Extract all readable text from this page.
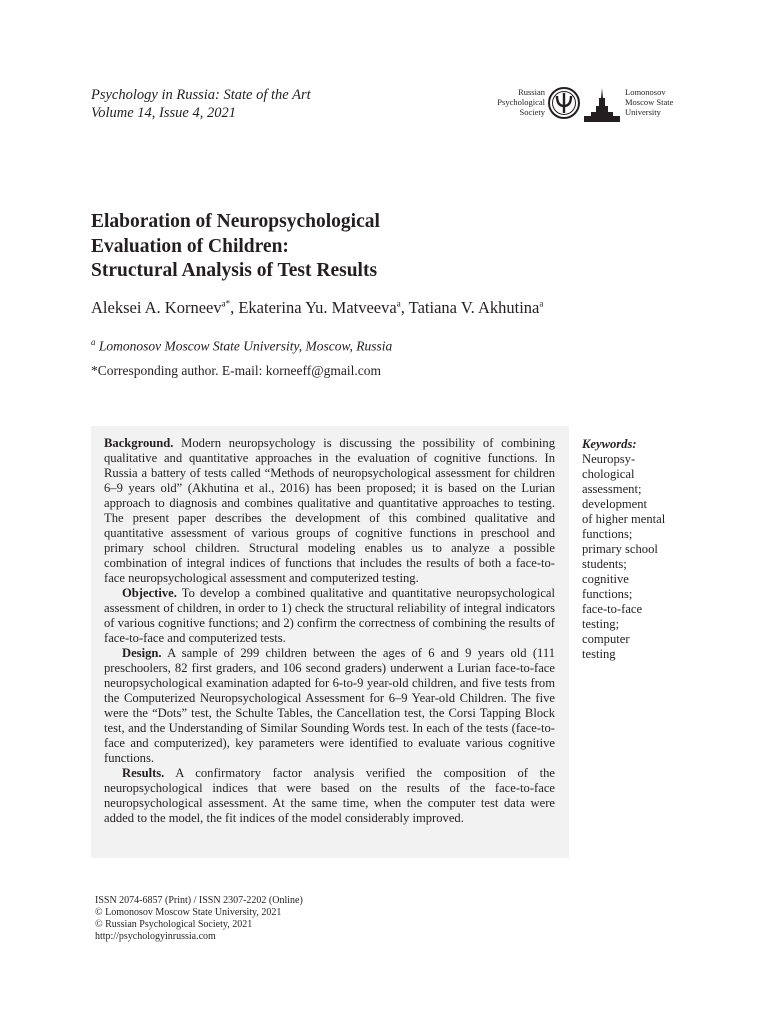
Psychology in Russia: State of the Art
Volume 14, Issue 4, 2021
Russian
Psychological
Society
Lomonosov
Moscow State
University
Elaboration of Neuropsychological
Evaluation of Children:
Structural Analysis of Test Results
Aleksei A. Korneev$^{a*}$, Ekaterina Yu. Matveeva$^a$, Tatiana V. Akhutina$^a$
$^a$ Lomonosov Moscow State University, Moscow, Russia
*Corresponding author. E-mail: korneeff@gmail.com

Background. Modern neuropsychology is discussing the possibility of combining qualitative and quantitative approaches in the evaluation of cognitive functions. In Russia a battery of tests called “Methods of neuropsychological assessment for children 6–9 years old” (Akhutina et al., 2016) has been proposed; it is based on the Lurian approach to diagnosis and combines qualitative and quantitative approaches to testing. The present paper describes the development of this combined qualitative and quantitative assessment of various groups of cognitive functions in preschool and primary school children. Structural modeling enables us to analyze a possible combination of integral indices of functions that includes the results of both a face-to-face neuropsychological assessment and computerized testing.

Objective. To develop a combined qualitative and quantitative neuropsychological assessment of children, in order to 1) check the structural reliability of integral indicators of various cognitive functions; and 2) confirm the correctness of combining the results of face-to-face and computerized tests.

Design. A sample of 299 children between the ages of 6 and 9 years old (111 preschoolers, 82 first graders, and 106 second graders) underwent a Lurian face-to-face neuropsychological examination adapted for 6-to-9 year-old children, and five tests from the Computerized Neuropsychological Assessment for 6–9 Year-old Children. The five were the “Dots” test, the Schulte Tables, the Cancellation test, the Corsi Tapping Block test, and the Understanding of Similar Sounding Words test. In each of the tests (face-to-face and computerized), key parameters were identified to evaluate various cognitive functions.

Results. A confirmatory factor analysis verified the composition of the neuropsychological indices that were based on the results of the face-to-face neuropsychological assessment. At the same time, when the computer test data were added to the model, the fit indices of the model considerably improved.

Keywords:
Neuropsy-
chological
assessment;
development
of higher mental
functions;
primary school
students;
cognitive
functions;
face-to-face
testing;
computer
testing
ISSN 2074-6857 (Print) / ISSN 2307-2202 (Online)
© Lomonosov Moscow State University, 2021
© Russian Psychological Society, 2021
http://psychologyinrussia.com
